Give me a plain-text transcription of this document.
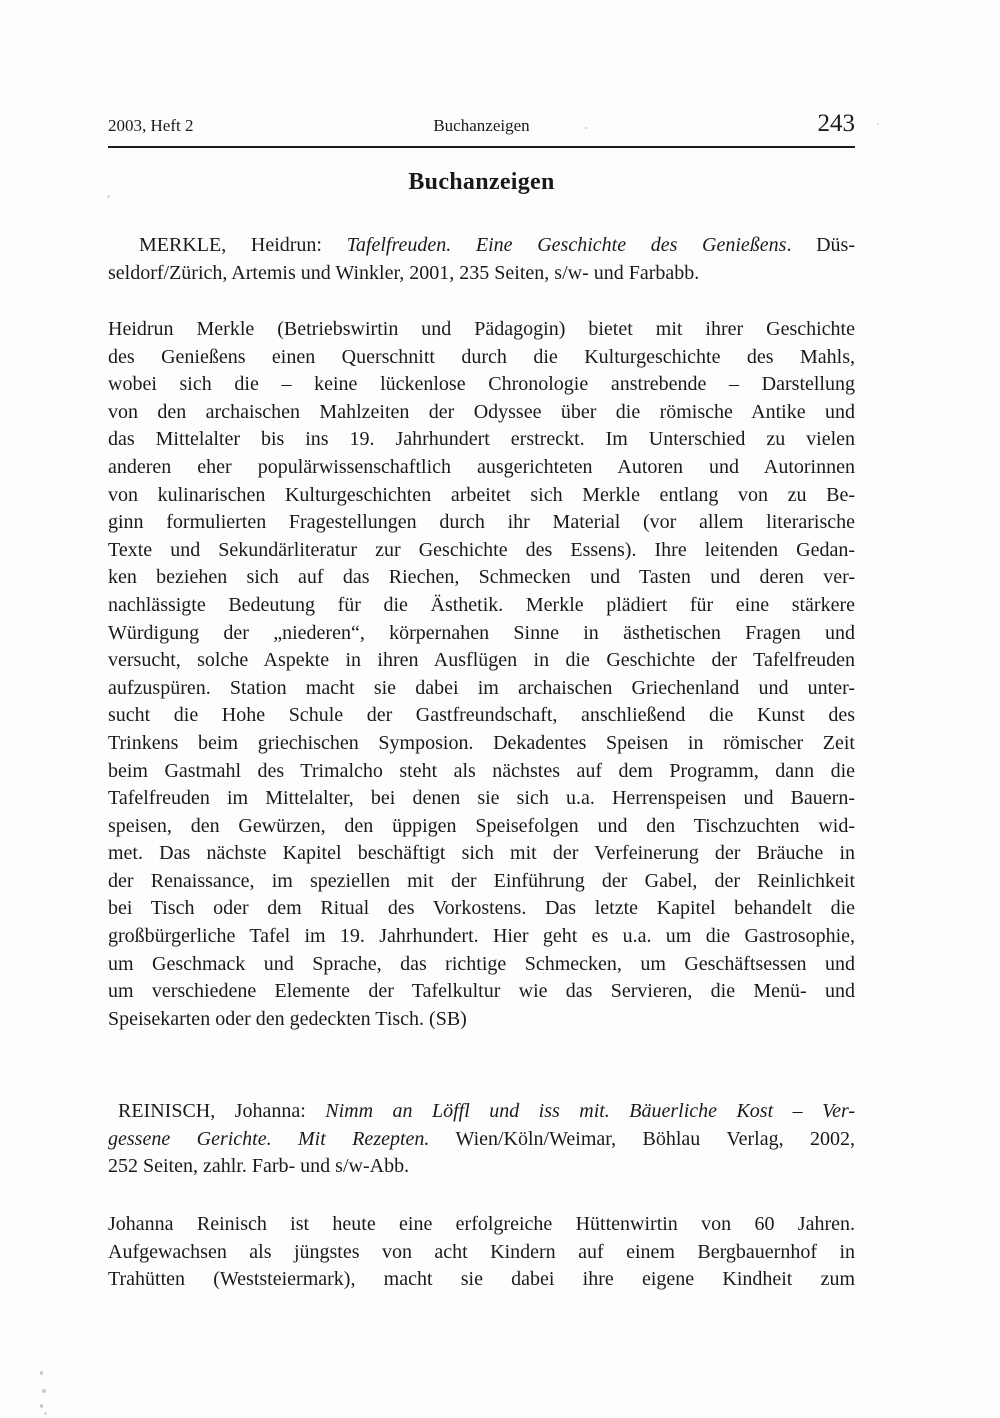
2003, Heft 2	Buchanzeigen	243
Buchanzeigen
MERKLE, Heidrun: Tafelfreuden. Eine Geschichte des Genießens. Düs-
seldorf/Zürich, Artemis und Winkler, 2001, 235 Seiten, s/w- und Farbabb.
Heidrun Merkle (Betriebswirtin und Pädagogin) bietet mit ihrer Geschichte
des Genießens einen Querschnitt durch die Kulturgeschichte des Mahls,
wobei sich die – keine lückenlose Chronologie anstrebende – Darstellung
von den archaischen Mahlzeiten der Odyssee über die römische Antike und
das Mittelalter bis ins 19. Jahrhundert erstreckt. Im Unterschied zu vielen
anderen eher populärwissenschaftlich ausgerichteten Autoren und Autorinnen
von kulinarischen Kulturgeschichten arbeitet sich Merkle entlang von zu Be-
ginn formulierten Fragestellungen durch ihr Material (vor allem literarische
Texte und Sekundärliteratur zur Geschichte des Essens). Ihre leitenden Gedan-
ken beziehen sich auf das Riechen, Schmecken und Tasten und deren ver-
nachlässigte Bedeutung für die Ästhetik. Merkle plädiert für eine stärkere
Würdigung der „niederen“, körpernahen Sinne in ästhetischen Fragen und
versucht, solche Aspekte in ihren Ausflügen in die Geschichte der Tafelfreuden
aufzuspüren. Station macht sie dabei im archaischen Griechenland und unter-
sucht die Hohe Schule der Gastfreundschaft, anschließend die Kunst des
Trinkens beim griechischen Symposion. Dekadentes Speisen in römischer Zeit
beim Gastmahl des Trimalcho steht als nächstes auf dem Programm, dann die
Tafelfreuden im Mittelalter, bei denen sie sich u.a. Herrenspeisen und Bauern-
speisen, den Gewürzen, den üppigen Speisefolgen und den Tischzuchten wid-
met. Das nächste Kapitel beschäftigt sich mit der Verfeinerung der Bräuche in
der Renaissance, im speziellen mit der Einführung der Gabel, der Reinlichkeit
bei Tisch oder dem Ritual des Vorkostens. Das letzte Kapitel behandelt die
großbürgerliche Tafel im 19. Jahrhundert. Hier geht es u.a. um die Gastrosophie,
um Geschmack und Sprache, das richtige Schmecken, um Geschäftsessen und
um verschiedene Elemente der Tafelkultur wie das Servieren, die Menü- und
Speisekarten oder den gedeckten Tisch. (SB)
REINISCH, Johanna: Nimm an Löffl und iss mit. Bäuerliche Kost – Ver-
gessene Gerichte. Mit Rezepten. Wien/Köln/Weimar, Böhlau Verlag, 2002,
252 Seiten, zahlr. Farb- und s/w-Abb.
Johanna Reinisch ist heute eine erfolgreiche Hüttenwirtin von 60 Jahren.
Aufgewachsen als jüngstes von acht Kindern auf einem Bergbauernhof in
Trahütten (Weststeiermark), macht sie dabei ihre eigene Kindheit zum
